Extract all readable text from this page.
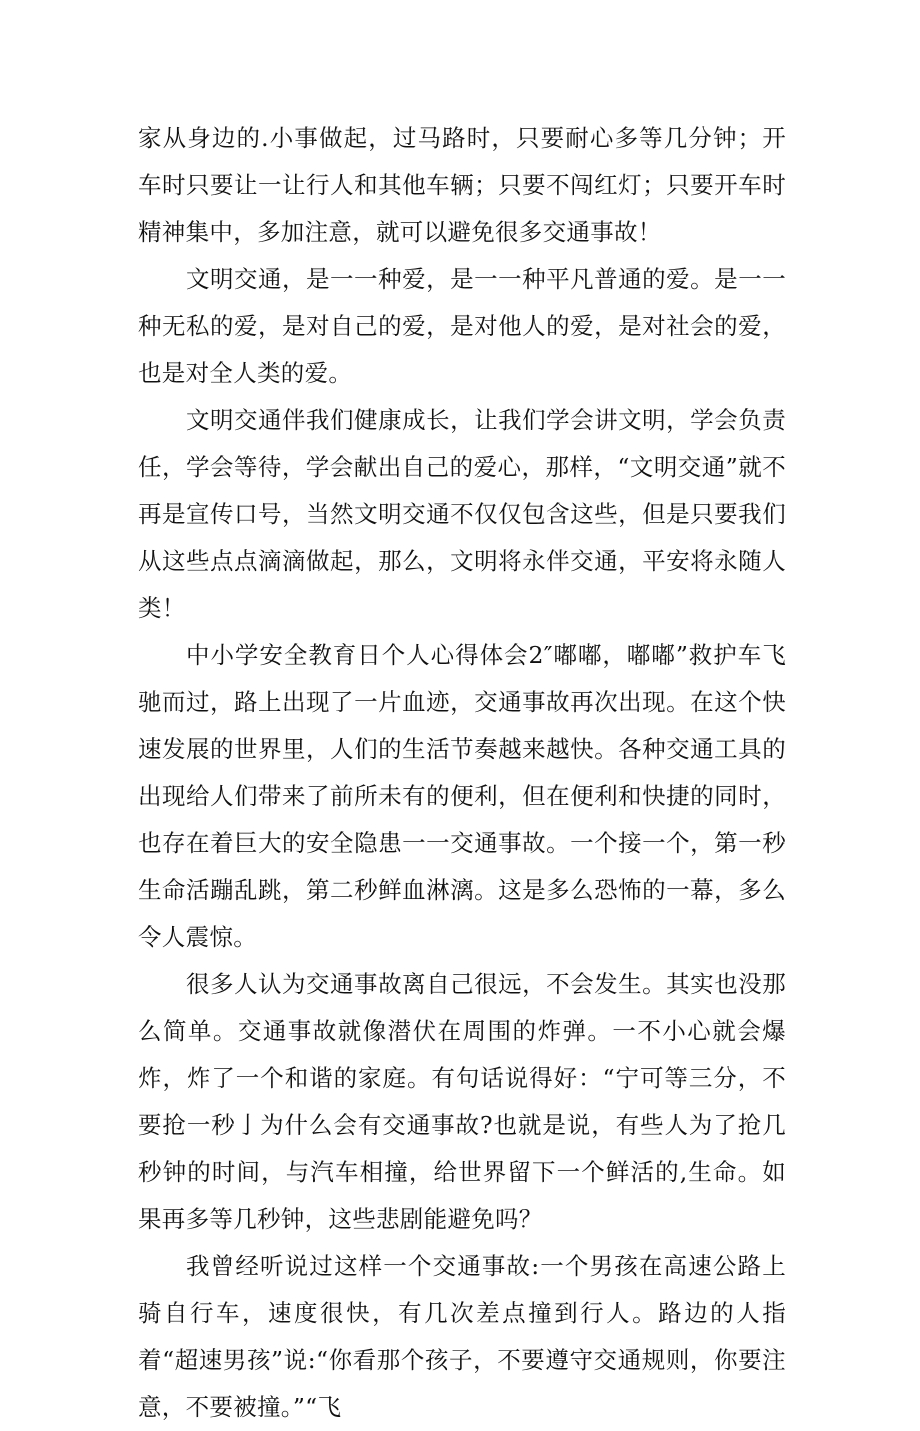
家从身边的.小事做起，过马路时，只要耐心多等几分钟；开车时只要让一让行人和其他车辆；只要不闯红灯；只要开车时精神集中，多加注意，就可以避免很多交通事故！

文明交通，是一一种爱，是一一种平凡普通的爱。是一一种无私的爱，是对自己的爱，是对他人的爱，是对社会的爱，也是对全人类的爱。

文明交通伴我们健康成长，让我们学会讲文明，学会负责任，学会等待，学会献出自己的爱心，那样，“文明交通”就不再是宣传口号，当然文明交通不仅仅包含这些，但是只要我们从这些点点滴滴做起，那么，文明将永伴交通，平安将永随人类！

中小学安全教育日个人心得体会2″嘟嘟，嘟嘟”救护车飞驰而过，路上出现了一片血迹，交通事故再次出现。在这个快速发展的世界里，人们的生活节奏越来越快。各种交通工具的出现给人们带来了前所未有的便利，但在便利和快捷的同时，也存在着巨大的安全隐患一一交通事故。一个接一个，第一秒生命活蹦乱跳，第二秒鲜血淋漓。这是多么恐怖的一幕，多么令人震惊。

很多人认为交通事故离自己很远，不会发生。其实也没那么简单。交通事故就像潜伏在周围的炸弹。一不小心就会爆炸，炸了一个和谐的家庭。有句话说得好：“宁可等三分，不要抢一秒亅为什么会有交通事故?也就是说，有些人为了抢几秒钟的时间，与汽车相撞，给世界留下一个鲜活的,生命。如果再多等几秒钟，这些悲剧能避免吗？

我曾经听说过这样一个交通事故:一个男孩在高速公路上骑自行车，速度很快，有几次差点撞到行人。路边的人指着“超速男孩”说:“你看那个孩子，不要遵守交通规则，你要注意，不要被撞。”“飞
